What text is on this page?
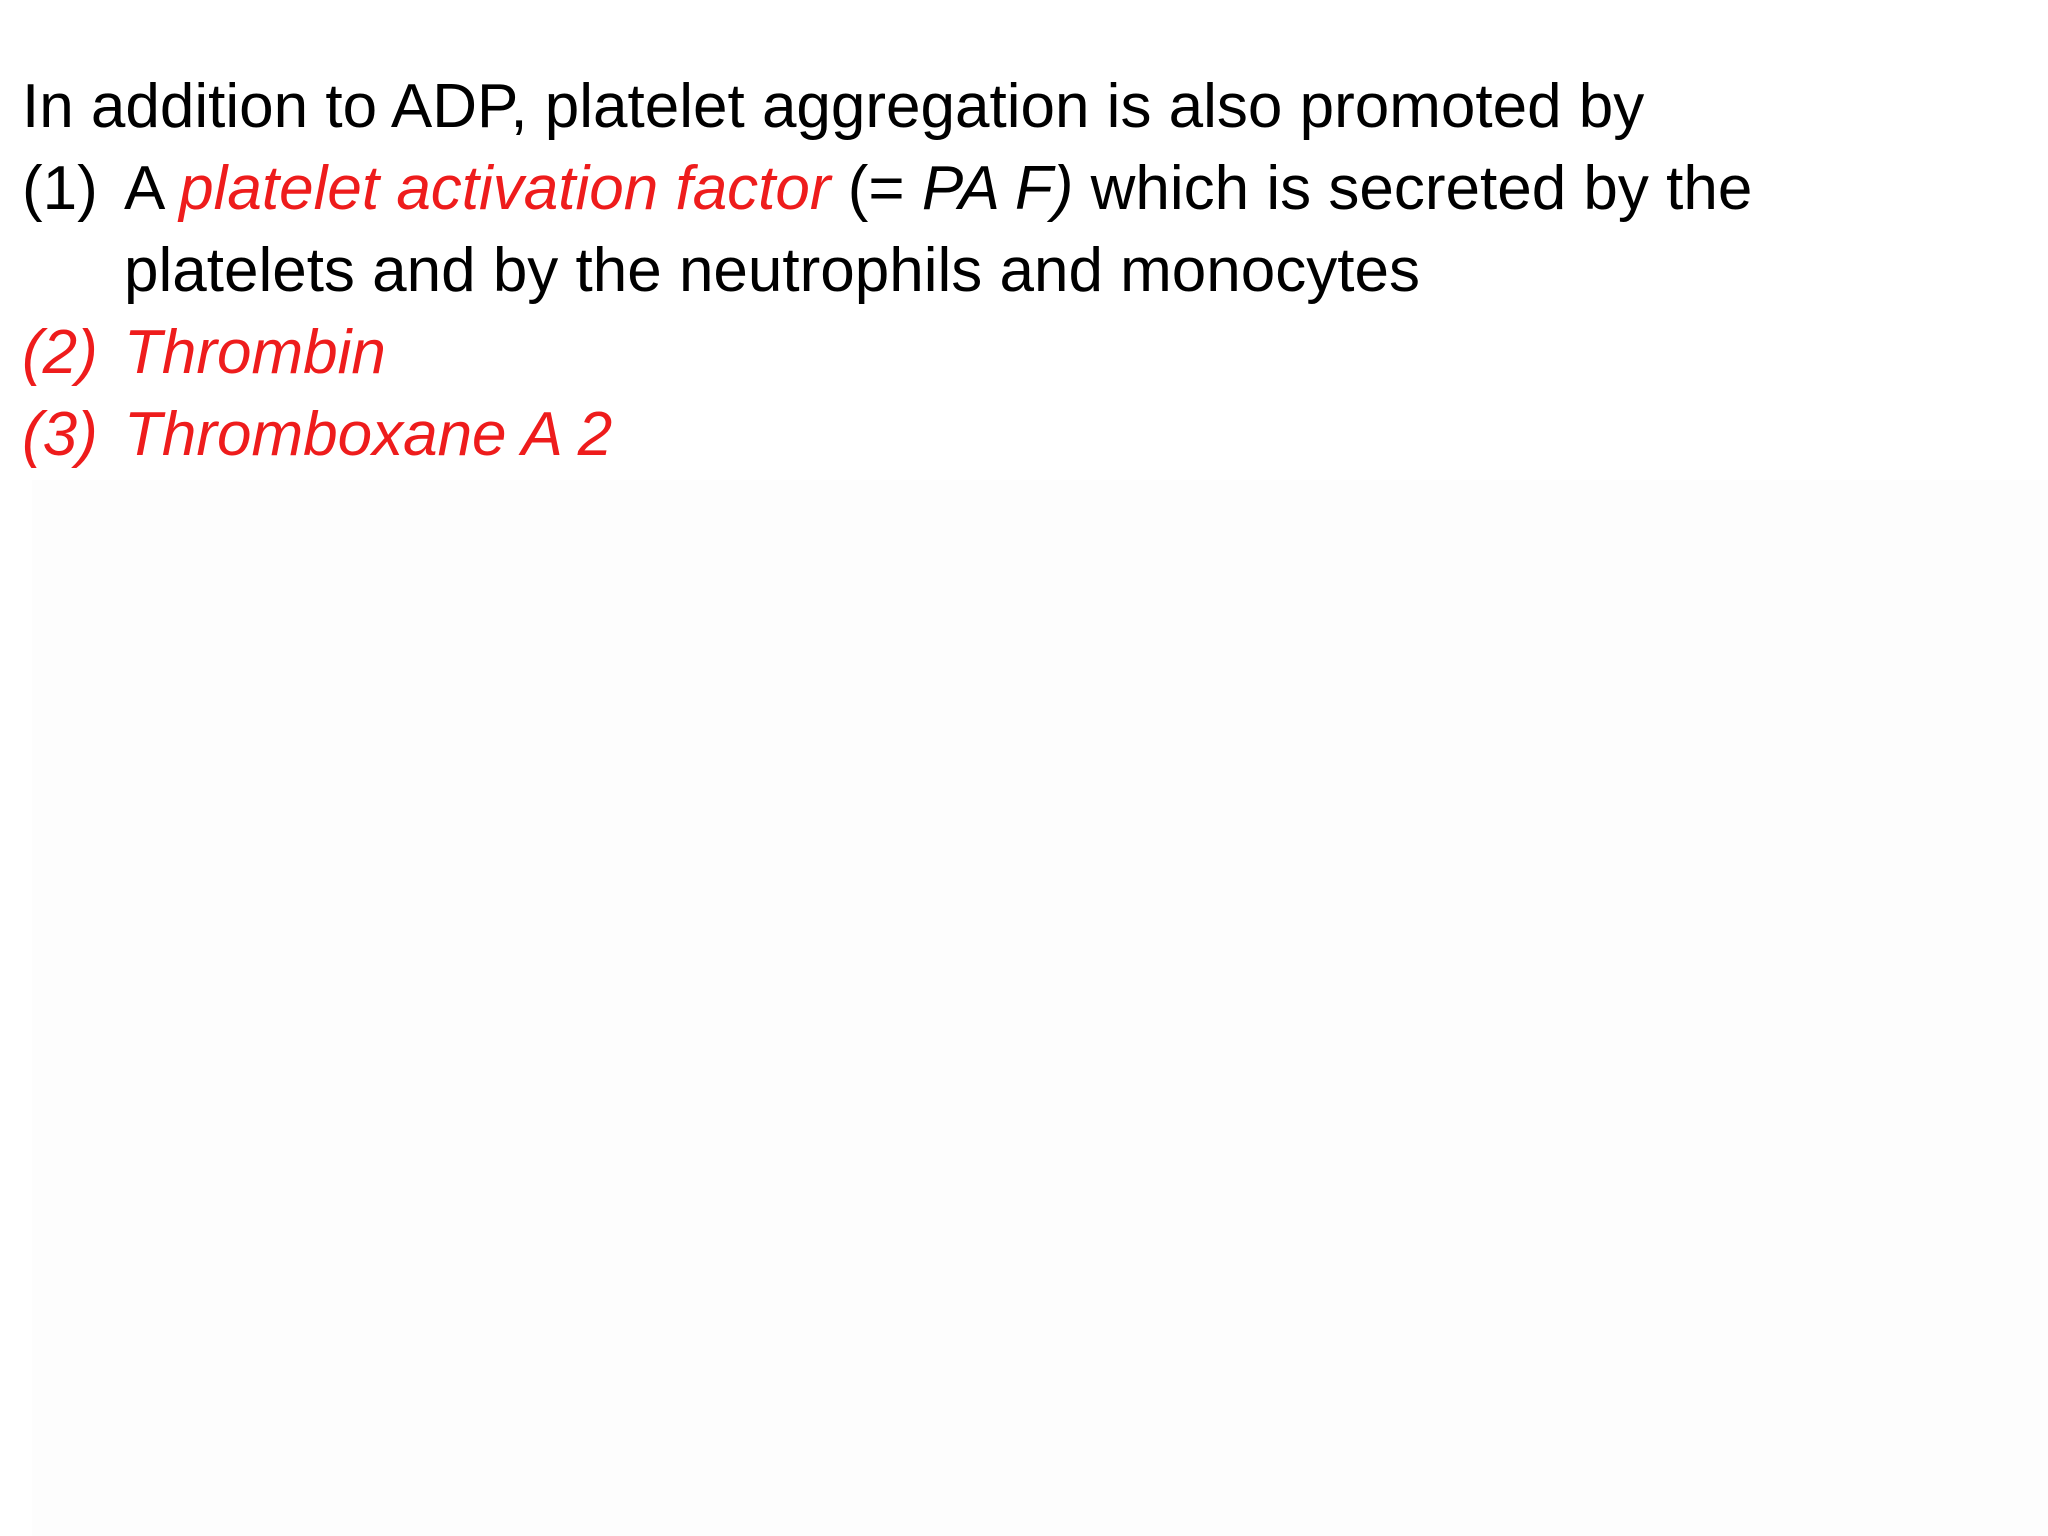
In addition to ADP, platelet aggregation is also promoted by
(1) A platelet activation factor (= PA F) which is secreted by the
platelets and by the neutrophils and monocytes
(2) Thrombin
(3) Thromboxane A 2
